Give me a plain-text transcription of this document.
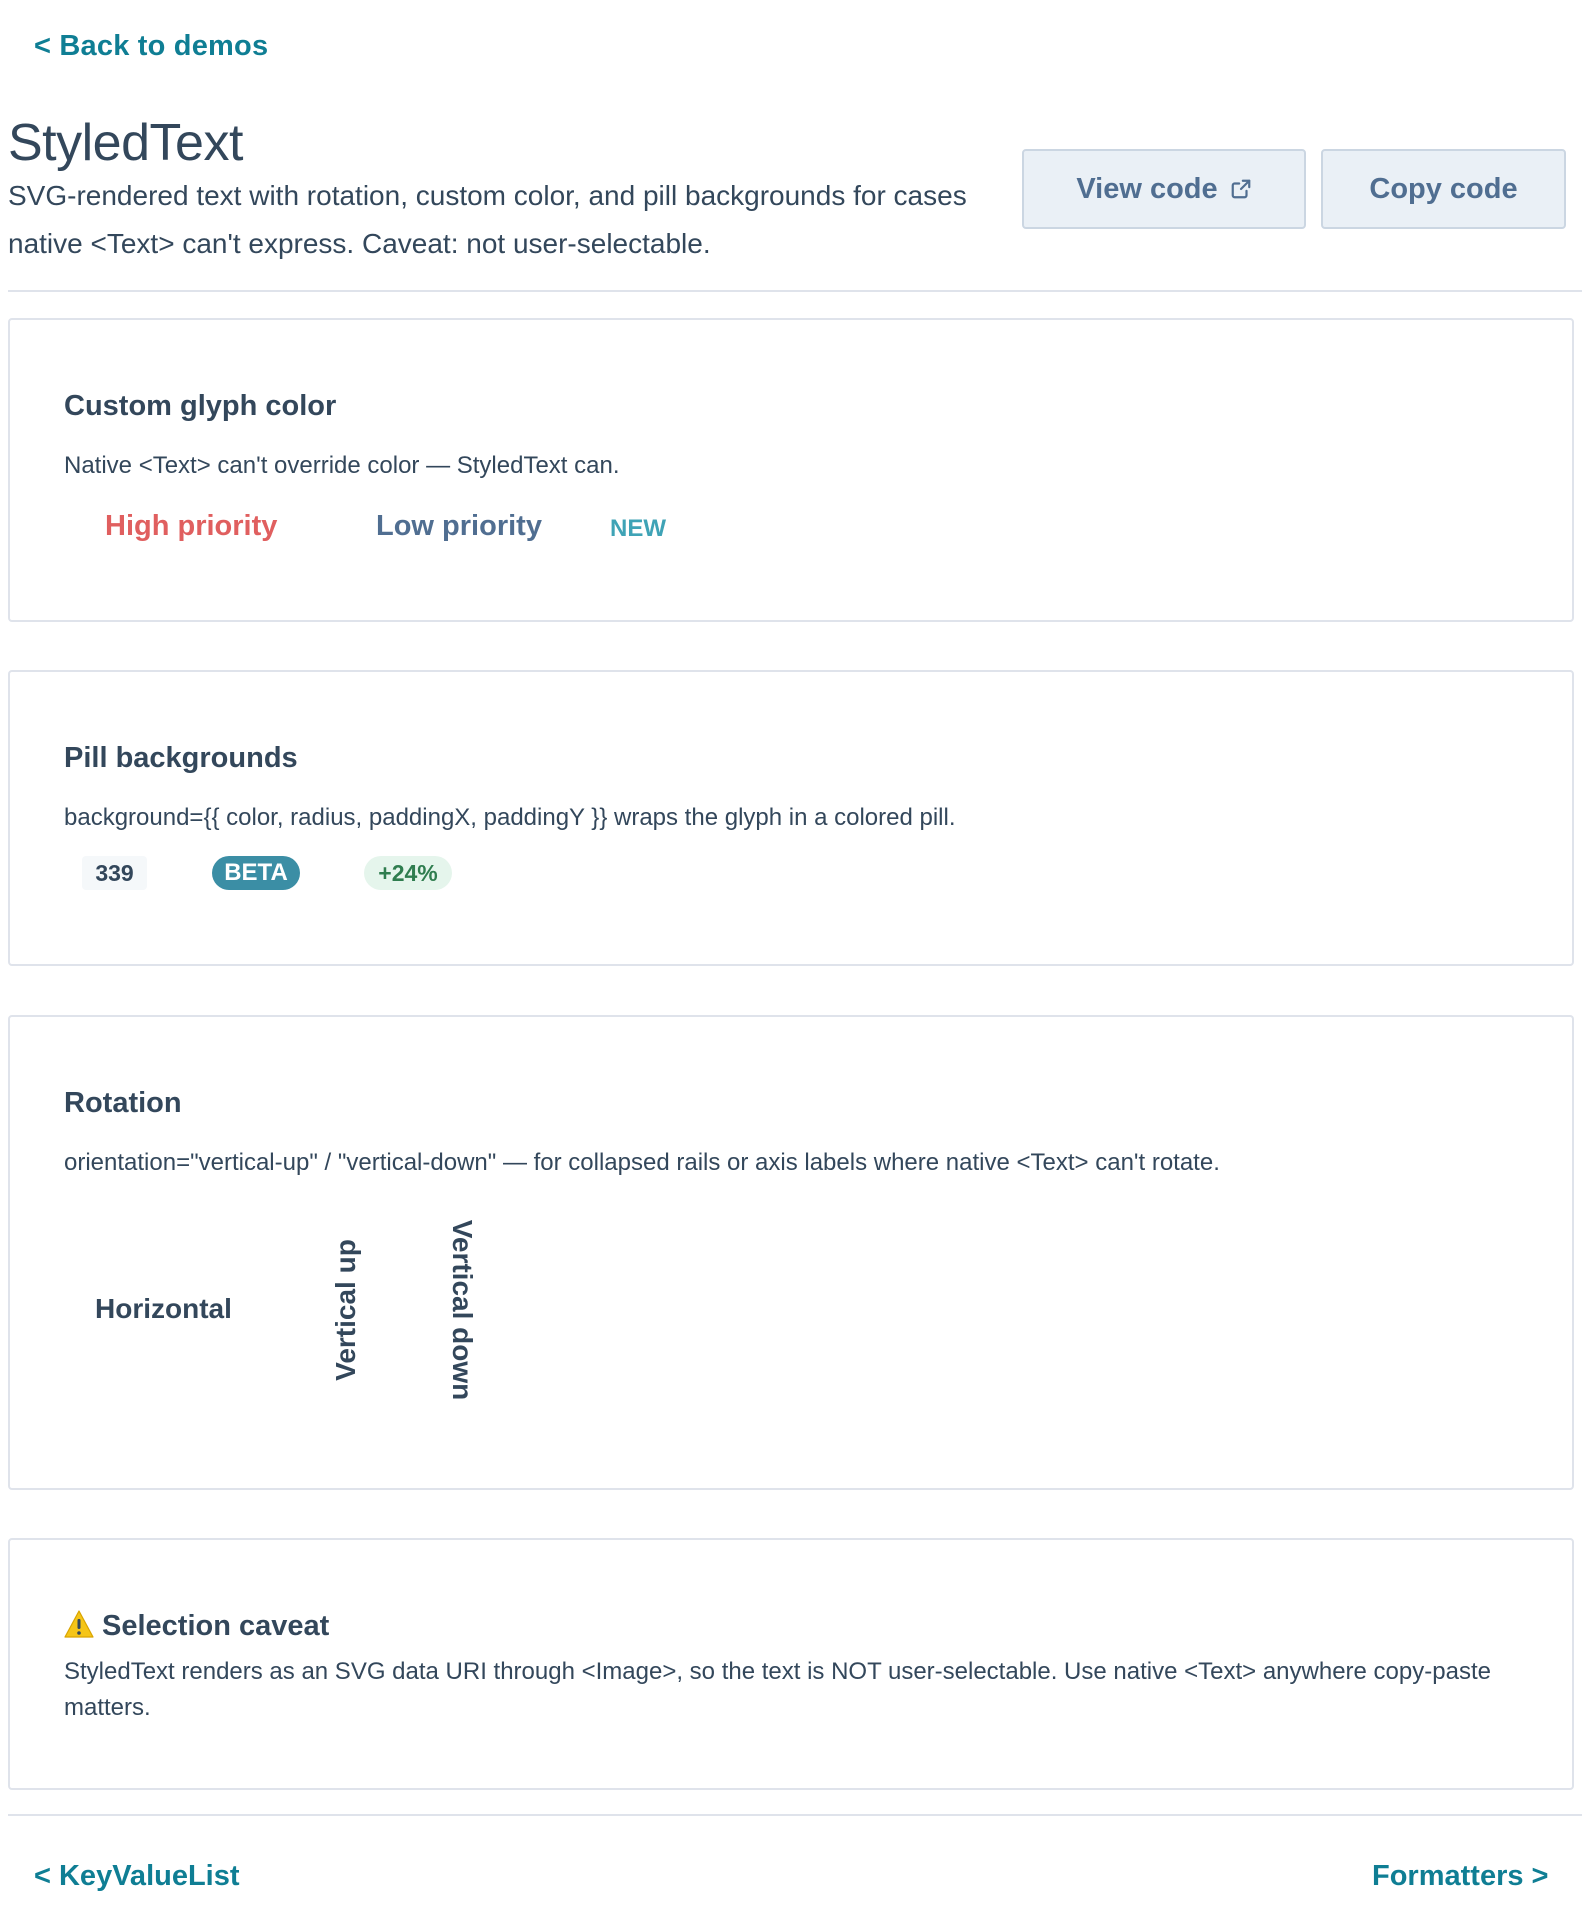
< Back to demos
StyledText

SVG-rendered text with rotation, custom color, and pill backgrounds for cases native <Text> can't express. Caveat: not user-selectable.

View code	Copy code
Custom glyph color

Native <Text> can't override color — StyledText can.

High priority	Low priority	NEW
Pill backgrounds

background={{ color, radius, paddingX, paddingY }} wraps the glyph in a colored pill.

339	BETA	+24%
Rotation

orientation="vertical-up" / "vertical-down" — for collapsed rails or axis labels where native <Text> can't rotate.

Horizontal	Vertical up	Vertical down
Selection caveat

StyledText renders as an SVG data URI through <Image>, so the text is NOT user-selectable. Use native <Text> anywhere copy-paste matters.

< KeyValueList	Formatters >
